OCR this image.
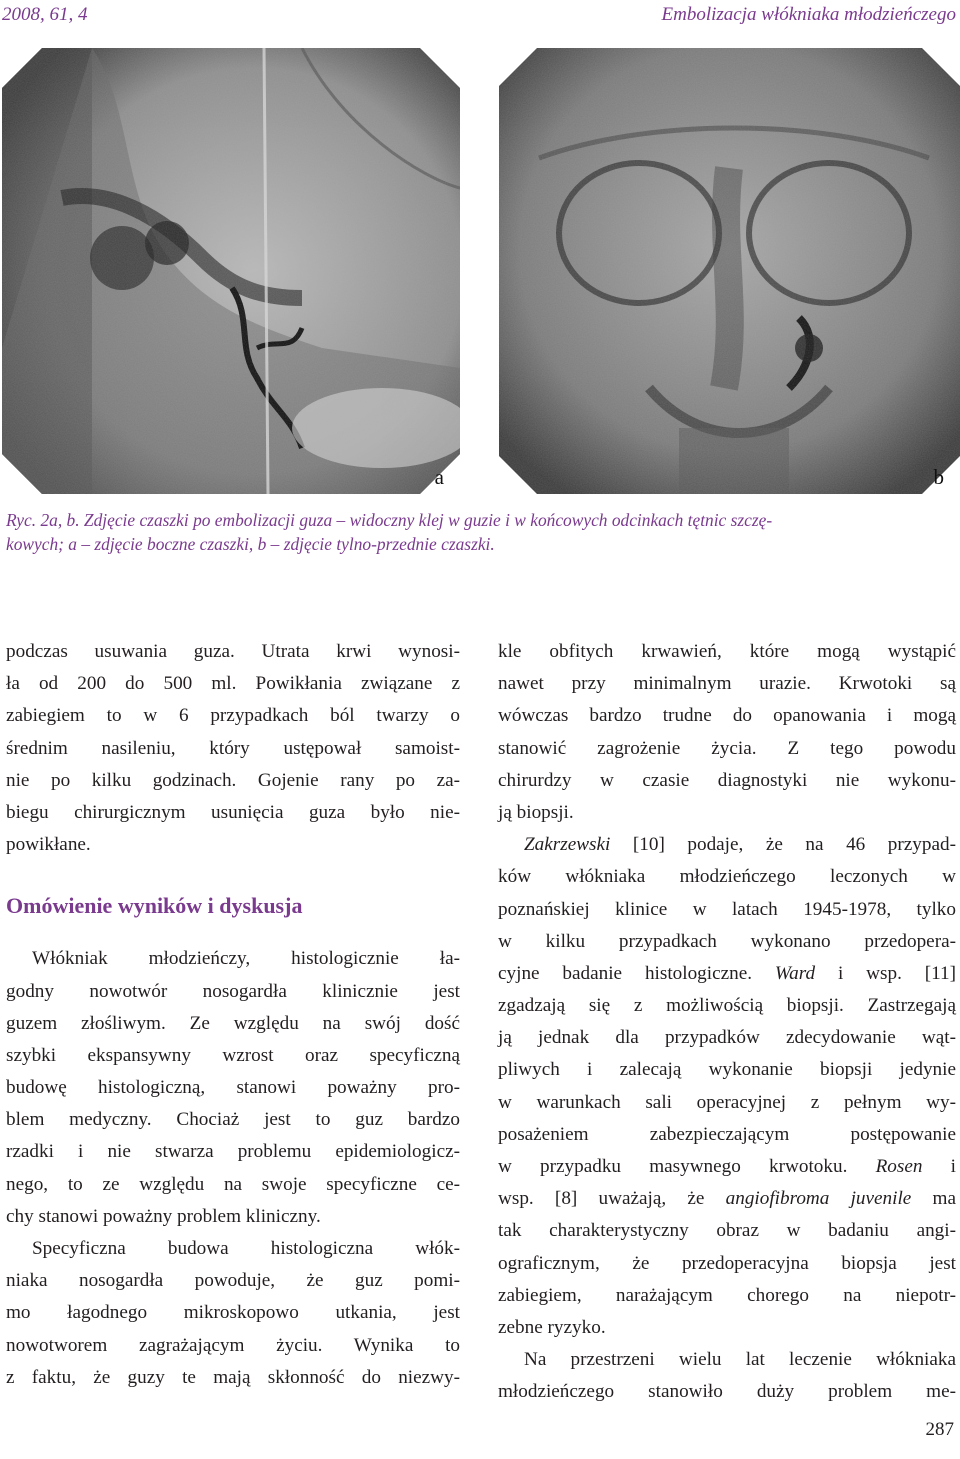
2008, 61, 4	Embolizacja włókniaka młodzieńczego
a	b
Ryc. 2a, b. Zdjęcie czaszki po embolizacji guza – widoczny klej w guzie i w końcowych odcinkach tętnic szczę-
kowych; a – zdjęcie boczne czaszki, b – zdjęcie tylno-przednie czaszki.
podczas usuwania guza. Utrata krwi wynosi-
ła od 200 do 500 ml. Powikłania związane z
zabiegiem to w 6 przypadkach ból twarzy o
średnim nasileniu, który ustępował samoist-
nie po kilku godzinach. Gojenie rany po za-
biegu chirurgicznym usunięcia guza było nie-
powikłane.
Omówienie wyników i dyskusja
Włókniak młodzieńczy, histologicznie ła-
godny nowotwór nosogardła klinicznie jest
guzem złośliwym. Ze względu na swój dość
szybki ekspansywny wzrost oraz specyficzną
budowę histologiczną, stanowi poważny pro-
blem medyczny. Chociaż jest to guz bardzo
rzadki i nie stwarza problemu epidemiologicz-
nego, to ze względu na swoje specyficzne ce-
chy stanowi poważny problem kliniczny.
Specyficzna budowa histologiczna włók-
niaka nosogardła powoduje, że guz pomi-
mo łagodnego mikroskopowo utkania, jest
nowotworem zagrażającym życiu. Wynika to
z faktu, że guzy te mają skłonność do niezwy-
kle obfitych krwawień, które mogą wystąpić
nawet przy minimalnym urazie. Krwotoki są
wówczas bardzo trudne do opanowania i mogą
stanowić zagrożenie życia. Z tego powodu
chirurdzy w czasie diagnostyki nie wykonu-
ją biopsji.
Zakrzewski [10] podaje, że na 46 przypad-
ków włókniaka młodzieńczego leczonych w
poznańskiej klinice w latach 1945-1978, tylko
w kilku przypadkach wykonano przedopera-
cyjne badanie histologiczne. Ward i wsp. [11]
zgadzają się z możliwością biopsji. Zastrzegają
ją jednak dla przypadków zdecydowanie wąt-
pliwych i zalecają wykonanie biopsji jedynie
w warunkach sali operacyjnej z pełnym wy-
posażeniem zabezpieczającym postępowanie
w przypadku masywnego krwotoku. Rosen i
wsp. [8] uważają, że angiofibroma juvenile ma
tak charakterystyczny obraz w badaniu angi-
ograficznym, że przedoperacyjna biopsja jest
zabiegiem, narażającym chorego na niepotr-
zebne ryzyko.
Na przestrzeni wielu lat leczenie włókniaka
młodzieńczego stanowiło duży problem me-
287
